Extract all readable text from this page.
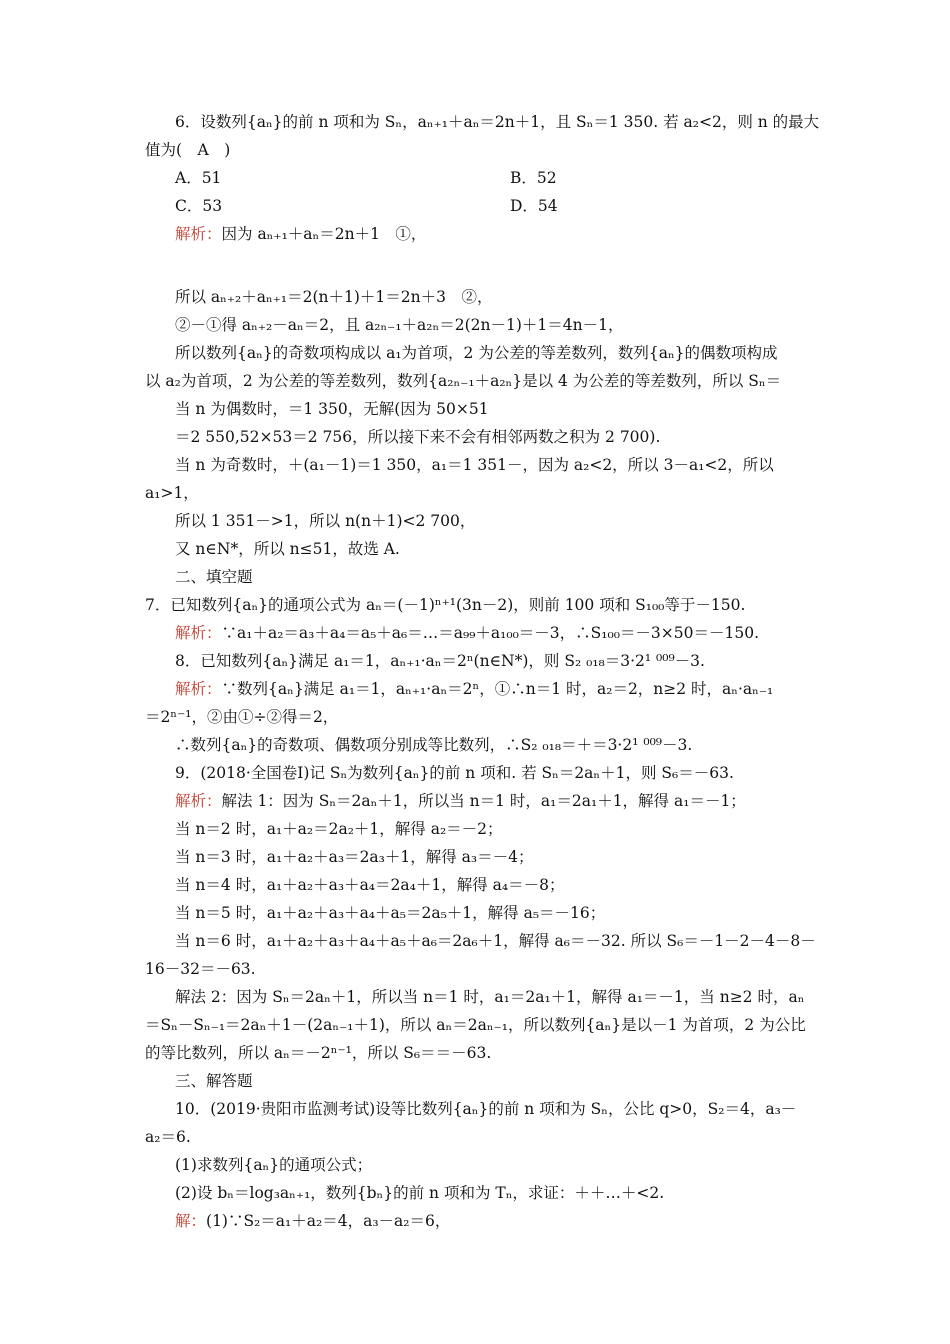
6．设数列{aₙ}的前 n 项和为 Sₙ，aₙ₊₁＋aₙ＝2n＋1，且 Sₙ＝1 350. 若 a₂<2，则 n 的最大
值为(　A　)
所以 aₙ₊₂＋aₙ₊₁＝2(n＋1)＋1＝2n＋3　②，
②－①得 aₙ₊₂－aₙ＝2，且 a₂ₙ₋₁＋a₂ₙ＝2(2n－1)＋1＝4n－1，
所以数列{aₙ}的奇数项构成以 a₁为首项，2 为公差的等差数列，数列{aₙ}的偶数项构成
以 a₂为首项，2 为公差的等差数列，数列{a₂ₙ₋₁＋a₂ₙ}是以 4 为公差的等差数列，所以 Sₙ＝
当 n 为偶数时，＝1 350，无解(因为 50×51
＝2 550,52×53＝2 756，所以接下来不会有相邻两数之积为 2 700).
当 n 为奇数时，＋(a₁－1)＝1 350，a₁＝1 351－，因为 a₂<2，所以 3－a₁<2，所以
a₁>1，
所以 1 351－>1，所以 n(n＋1)<2 700，
又 n∈N*，所以 n≤51，故选 A.
二、填空题
7．已知数列{aₙ}的通项公式为 aₙ＝(－1)ⁿ⁺¹(3n－2)，则前 100 项和 S₁₀₀等于－150.
8．已知数列{aₙ}满足 a₁＝1，aₙ₊₁·aₙ＝2ⁿ(n∈N*)，则 S₂ ₀₁₈＝3·2¹ ⁰⁰⁹－3.
＝2ⁿ⁻¹，②由①÷②得＝2，
∴数列{aₙ}的奇数项、偶数项分别成等比数列，∴S₂ ₀₁₈＝＋＝3·2¹ ⁰⁰⁹－3.
9．(2018·全国卷Ⅰ)记 Sₙ为数列{aₙ}的前 n 项和. 若 Sₙ＝2aₙ＋1，则 S₆＝－63.
当 n＝2 时，a₁＋a₂＝2a₂＋1，解得 a₂＝－2；
当 n＝3 时，a₁＋a₂＋a₃＝2a₃＋1，解得 a₃＝－4；
当 n＝4 时，a₁＋a₂＋a₃＋a₄＝2a₄＋1，解得 a₄＝－8；
当 n＝5 时，a₁＋a₂＋a₃＋a₄＋a₅＝2a₅＋1，解得 a₅＝－16；
当 n＝6 时，a₁＋a₂＋a₃＋a₄＋a₅＋a₆＝2a₆＋1，解得 a₆＝－32. 所以 S₆＝－1－2－4－8－
16－32＝－63.
解法 2：因为 Sₙ＝2aₙ＋1，所以当 n＝1 时，a₁＝2a₁＋1，解得 a₁＝－1，当 n≥2 时，aₙ
＝Sₙ－Sₙ₋₁＝2aₙ＋1－(2aₙ₋₁＋1)，所以 aₙ＝2aₙ₋₁，所以数列{aₙ}是以－1 为首项，2 为公比
的等比数列，所以 aₙ＝－2ⁿ⁻¹，所以 S₆＝＝－63.
三、解答题
10．(2019·贵阳市监测考试)设等比数列{aₙ}的前 n 项和为 Sₙ，公比 q>0，S₂＝4，a₃－
a₂＝6.
(1)求数列{aₙ}的通项公式；
(2)设 bₙ＝log₃aₙ₊₁，数列{bₙ}的前 n 项和为 Tₙ，求证：＋＋…＋<2.
A．51	B．52
C．53	D．54
解析：因为 aₙ₊₁＋aₙ＝2n＋1　①，
解析：∵a₁＋a₂＝a₃＋a₄＝a₅＋a₆＝…＝a₉₉＋a₁₀₀＝－3，∴S₁₀₀＝－3×50＝－150.
解析：∵数列{aₙ}满足 a₁＝1，aₙ₊₁·aₙ＝2ⁿ，①∴n＝1 时，a₂＝2，n≥2 时，aₙ·aₙ₋₁
解析：解法 1：因为 Sₙ＝2aₙ＋1，所以当 n＝1 时，a₁＝2a₁＋1，解得 a₁＝－1；
解：(1)∵S₂＝a₁＋a₂＝4，a₃－a₂＝6，
